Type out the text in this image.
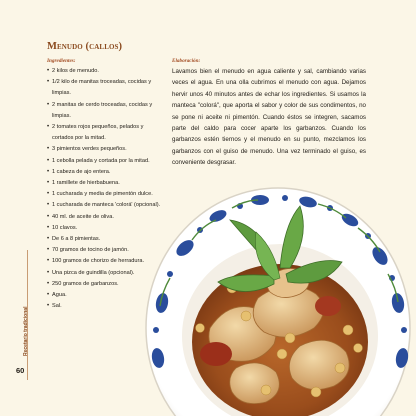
Menudo (callos)
Ingredientes:
• 2 kilos de menudo.
• 1/2 kilo de manitas troceadas, cocidas y limpias.
• 2 manitas de cerdo troceadas, cocidas y limpias.
• 2 tomates rojos pequeños, pelados y cortados por la mitad.
• 3 pimientos verdes pequeños.
• 1 cebolla pelada y cortada por la mitad.
• 1 cabeza de ajo entera.
• 1 ramillete de hierbabuena.
• 1 cucharada y media de pimentón dulce.
• 1 cucharada de manteca 'colorá' (opcional).
• 40 ml. de aceite de oliva.
• 10 clavos.
• De 6 a 8 pimientas.
• 70 gramos de tocino de jamón.
• 100 gramos de chorizo de herradura.
• Una pizca de guindilla (opcional).
• 250 gramos de garbanzos.
• Agua.
• Sal.
Elaboración:

Lavamos bien el menudo en agua caliente y sal, cambiando varias veces el agua. En una olla cubrimos el menudo con agua. Dejamos hervir unos 40 minutos antes de echar los ingredientes. Si usamos la manteca "colorá", que aporta el sabor y color de sus condimentos, no se pone ni aceite ni pimentón. Cuando éstos se integren, sacamos parte del caldo para cocer aparte los garbanzos. Cuando los garbanzos estén tiernos y el menudo en su punto, mezclamos los garbanzos con el guiso de menudo. Una vez terminado el guiso, es conveniente desgrasar.

Recetario tradicional
60
